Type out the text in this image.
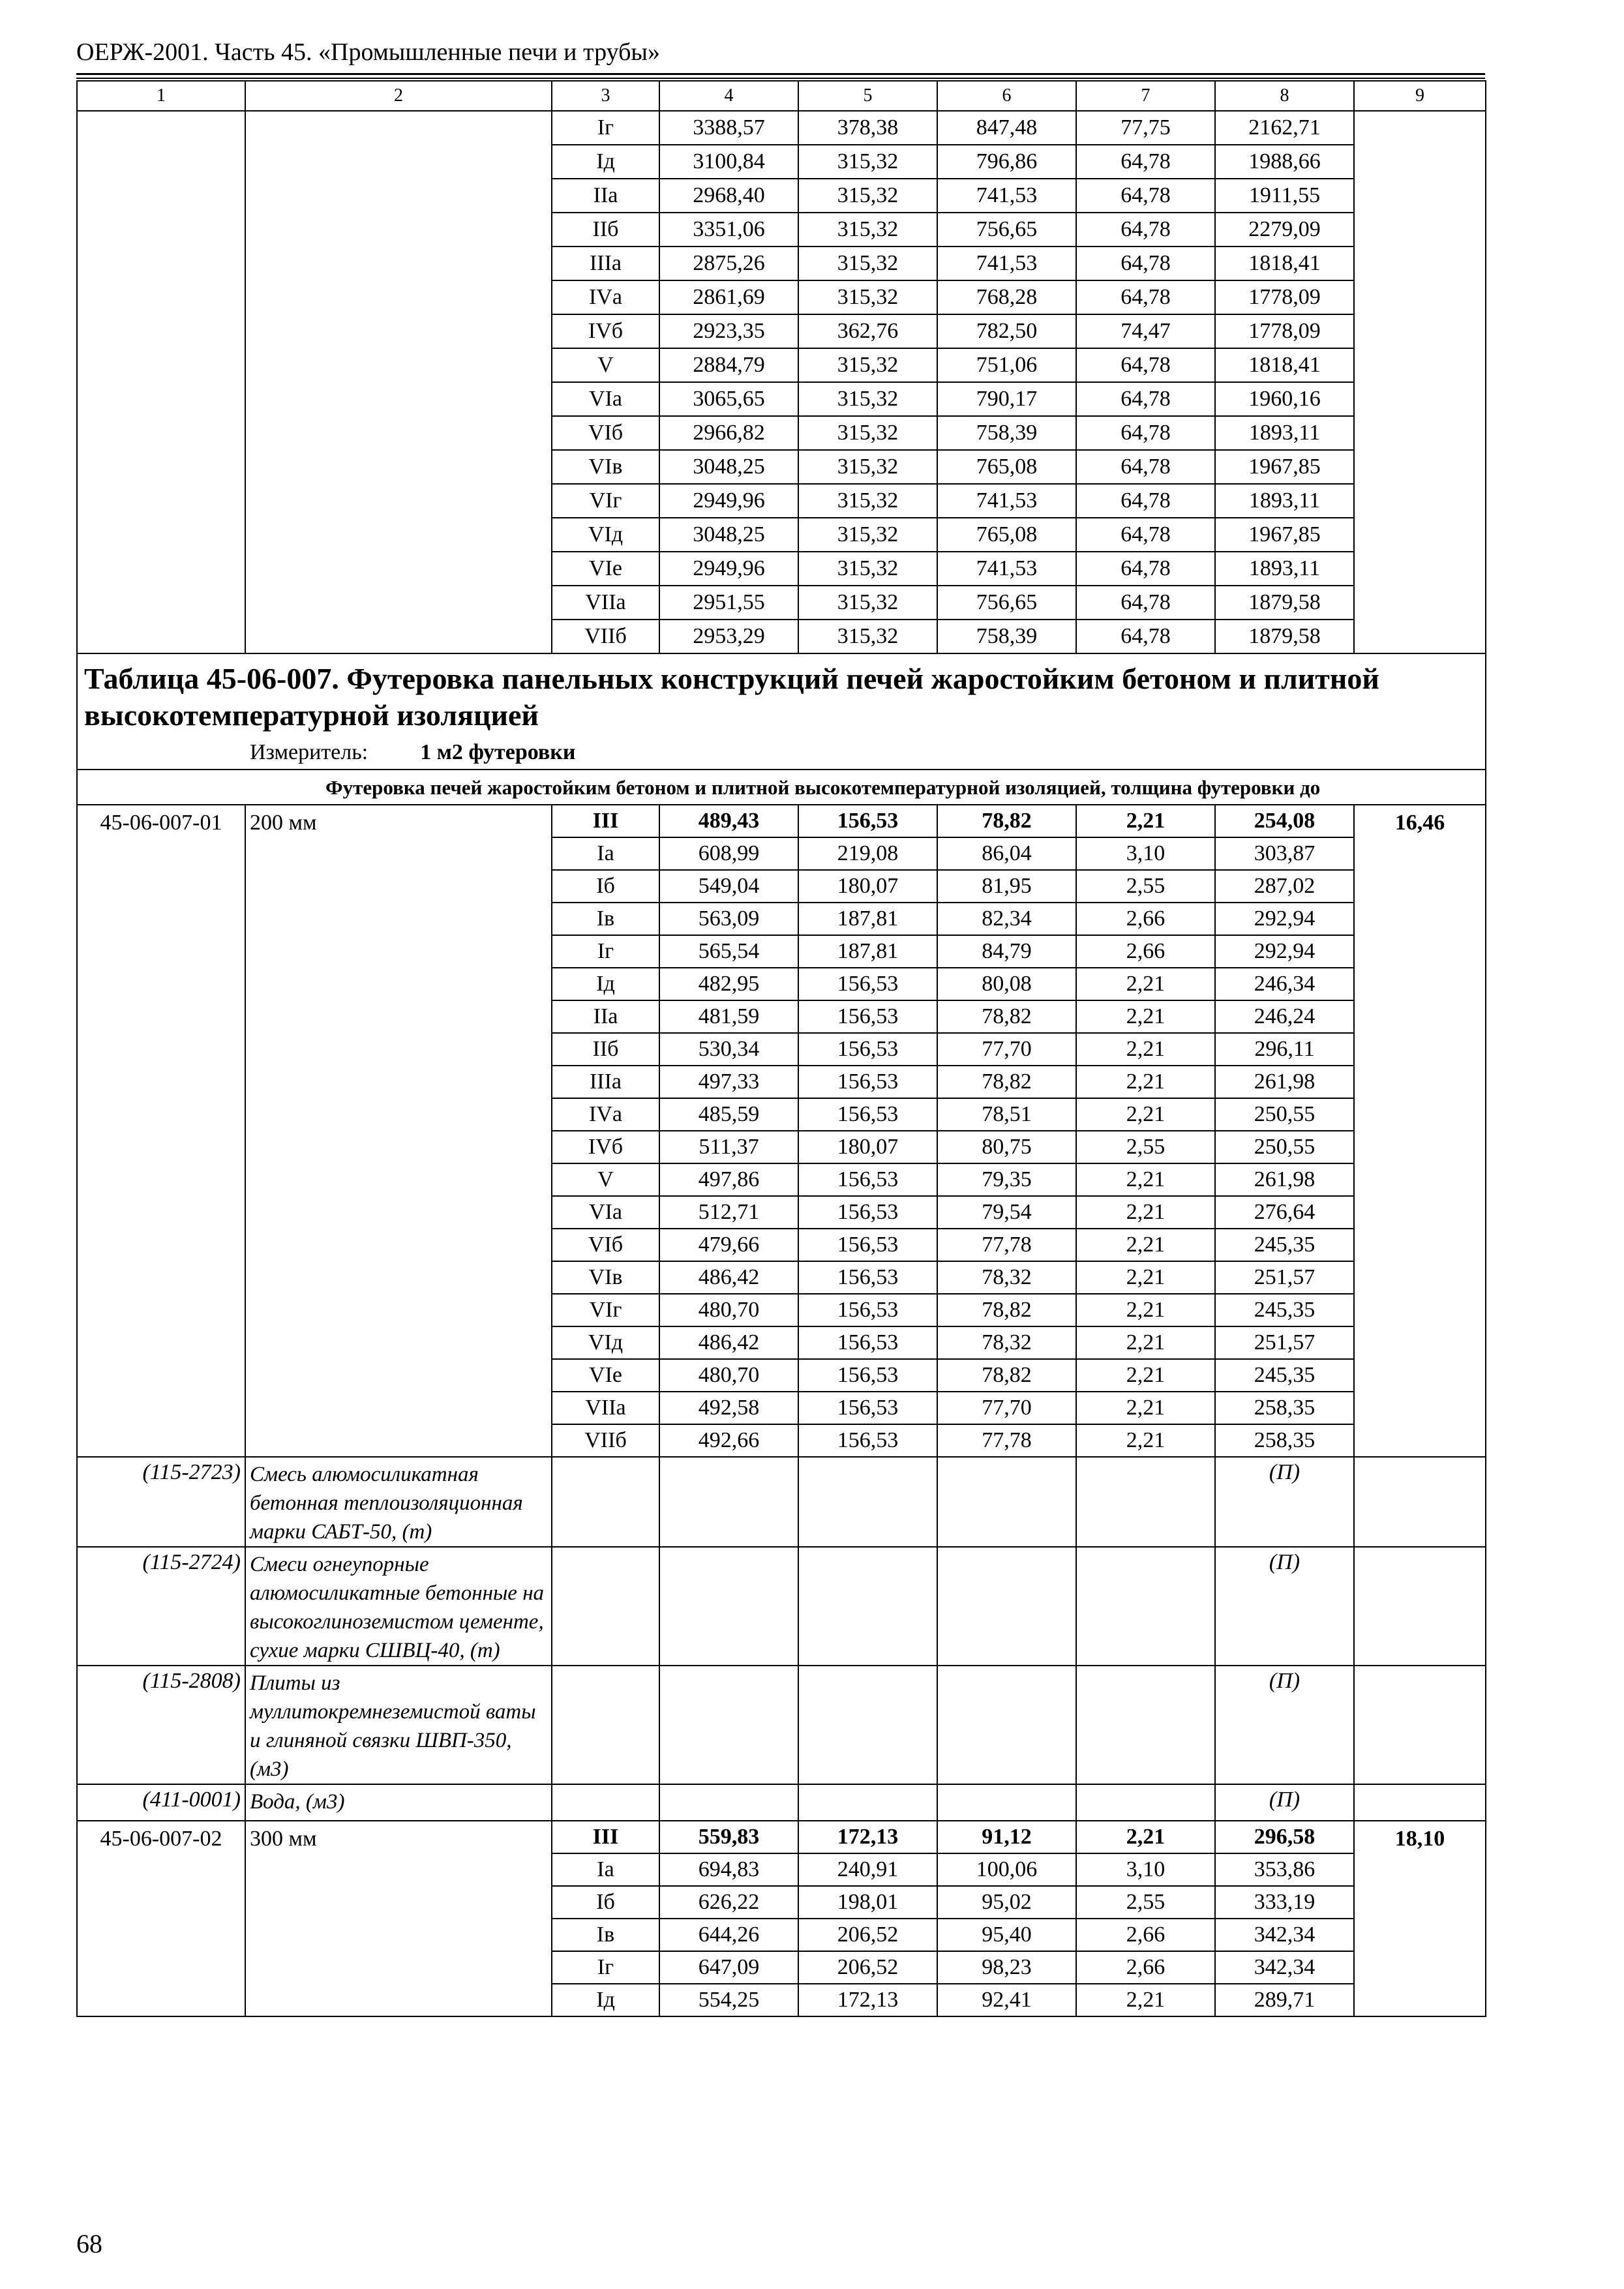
ОЕРЖ-2001. Часть 45. «Промышленные печи и трубы»
1	2	3	4	5	6	7	8	9
		Iг	3388,57	378,38	847,48	77,75	2162,71	
		Iд	3100,84	315,32	796,86	64,78	1988,66	
		IIа	2968,40	315,32	741,53	64,78	1911,55	
		IIб	3351,06	315,32	756,65	64,78	2279,09	
		IIIа	2875,26	315,32	741,53	64,78	1818,41	
		IVа	2861,69	315,32	768,28	64,78	1778,09	
		IVб	2923,35	362,76	782,50	74,47	1778,09	
		V	2884,79	315,32	751,06	64,78	1818,41	
		VIа	3065,65	315,32	790,17	64,78	1960,16	
		VIб	2966,82	315,32	758,39	64,78	1893,11	
		VIв	3048,25	315,32	765,08	64,78	1967,85	
		VIг	2949,96	315,32	741,53	64,78	1893,11	
		VIд	3048,25	315,32	765,08	64,78	1967,85	
		VIе	2949,96	315,32	741,53	64,78	1893,11	
		VIIа	2951,55	315,32	756,65	64,78	1879,58	
		VIIб	2953,29	315,32	758,39	64,78	1879,58	

Таблица 45-06-007. Футеровка панельных конструкций печей жаростойким бетоном и плитной высокотемпературной изоляцией
Измеритель: 1 м2 футеровки								

Футеровка печей жаростойким бетоном и плитной высокотемпературной изоляцией, толщина футеровки до								
45-06-007-01	200 мм	III	489,43	156,53	78,82	2,21	254,08	16,46
		Iа	608,99	219,08	86,04	3,10	303,87	
		Iб	549,04	180,07	81,95	2,55	287,02	
		Iв	563,09	187,81	82,34	2,66	292,94	
		Iг	565,54	187,81	84,79	2,66	292,94	
		Iд	482,95	156,53	80,08	2,21	246,34	
		IIа	481,59	156,53	78,82	2,21	246,24	
		IIб	530,34	156,53	77,70	2,21	296,11	
		IIIа	497,33	156,53	78,82	2,21	261,98	
		IVа	485,59	156,53	78,51	2,21	250,55	
		IVб	511,37	180,07	80,75	2,55	250,55	
		V	497,86	156,53	79,35	2,21	261,98	
		VIа	512,71	156,53	79,54	2,21	276,64	
		VIб	479,66	156,53	77,78	2,21	245,35	
		VIв	486,42	156,53	78,32	2,21	251,57	
		VIг	480,70	156,53	78,82	2,21	245,35	
		VIд	486,42	156,53	78,32	2,21	251,57	
		VIе	480,70	156,53	78,82	2,21	245,35	
		VIIа	492,58	156,53	77,70	2,21	258,35	
		VIIб	492,66	156,53	77,78	2,21	258,35	
(115-2723)	Смесь алюмосиликатная бетонная теплоизоляционная марки САБТ-50, (т)						(П)	
(115-2724)	Смеси огнеупорные алюмосиликатные бетонные на высокоглиноземистом цементе, сухие марки СШВЦ-40, (т)						(П)	
(115-2808)	Плиты из муллитокремнеземистой ваты и глиняной связки ШВП-350, (м3)						(П)	
(411-0001)	Вода, (м3)						(П)	
45-06-007-02	300 мм	III	559,83	172,13	91,12	2,21	296,58	18,10
		Iа	694,83	240,91	100,06	3,10	353,86	
		Iб	626,22	198,01	95,02	2,55	333,19	
		Iв	644,26	206,52	95,40	2,66	342,34	
		Iг	647,09	206,52	98,23	2,66	342,34	
		Iд	554,25	172,13	92,41	2,21	289,71	
68
